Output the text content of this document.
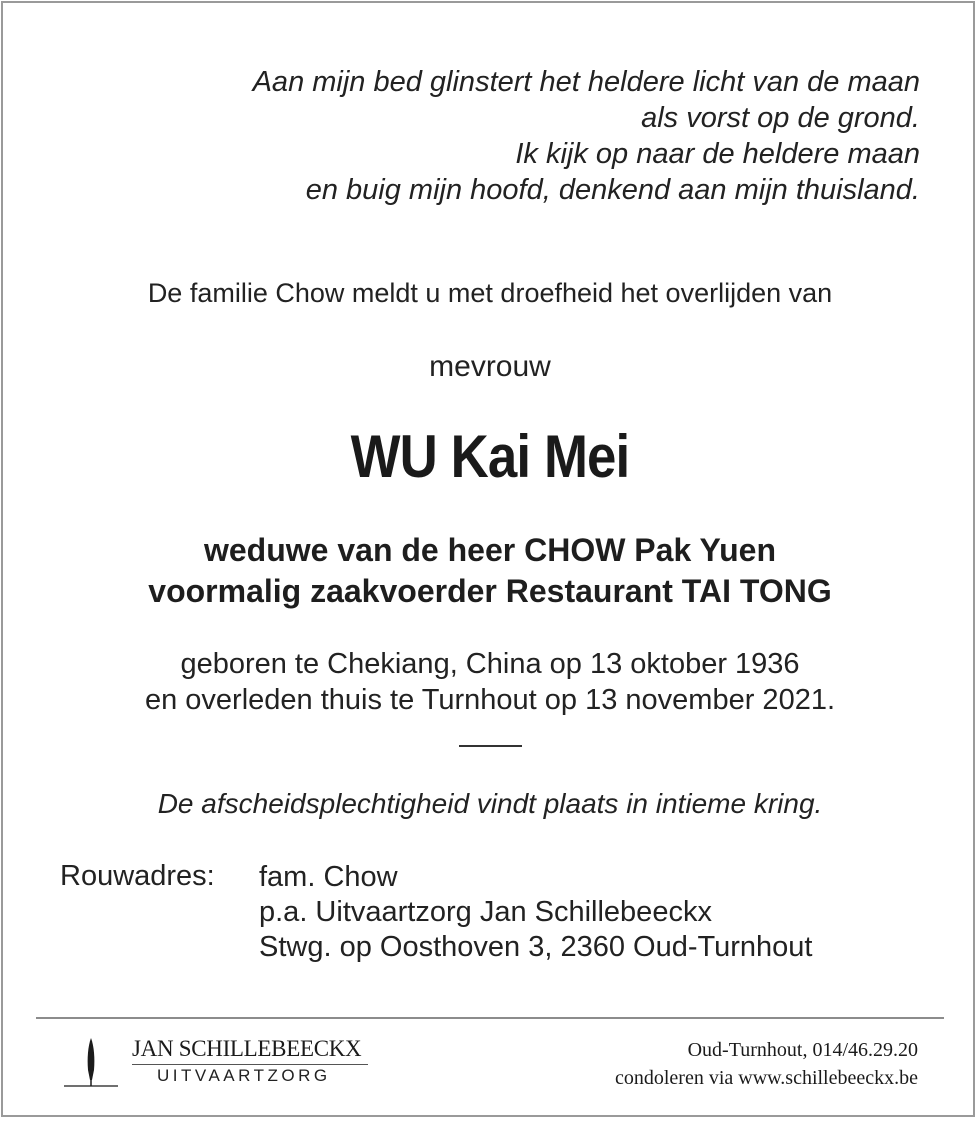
Aan mijn bed glinstert het heldere licht van de maan
als vorst op de grond.
Ik kijk op naar de heldere maan
en buig mijn hoofd, denkend aan mijn thuisland.
De familie Chow meldt u met droefheid het overlijden van
mevrouw
WU Kai Mei
weduwe van de heer CHOW Pak Yuen
voormalig zaakvoerder Restaurant TAI TONG
geboren te Chekiang, China op 13 oktober 1936
en overleden thuis te Turnhout op 13 november 2021.
De afscheidsplechtigheid vindt plaats in intieme kring.
Rouwadres: fam. Chow
p.a. Uitvaartzorg Jan Schillebeeckx
Stwg. op Oosthoven 3, 2360 Oud-Turnhout
JAN SCHILLEBEECKX
UITVAARTZORG
Oud-Turnhout, 014/46.29.20
condoleren via www.schillebeeckx.be
